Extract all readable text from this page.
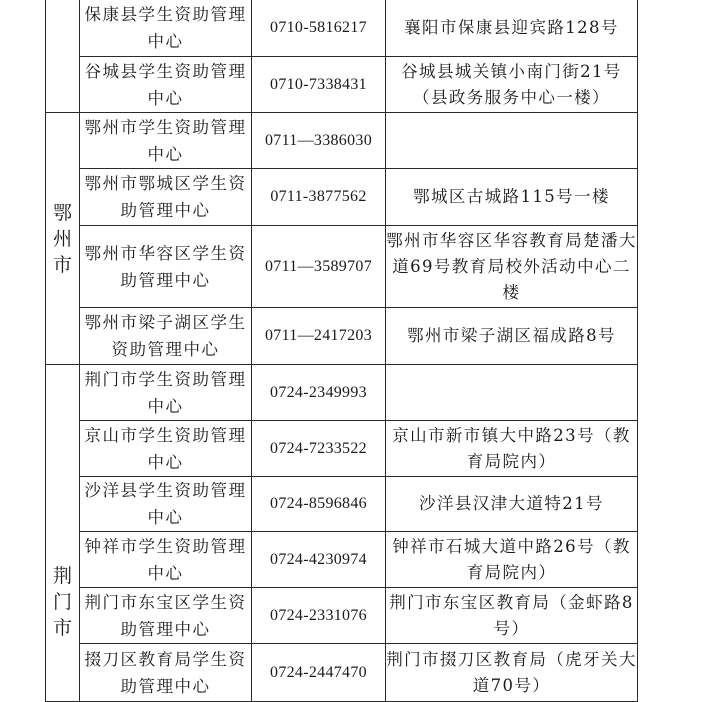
	保康县学生资助管理中心	0710-5816217	襄阳市保康县迎宾路128号
	谷城县学生资助管理中心	0710-7338431	谷城县城关镇小南门街21号（县政务服务中心一楼）

鄂州市	鄂州市学生资助管理中心	0711—3386030	
	鄂州市鄂城区学生资助管理中心	0711-3877562	鄂城区古城路115号一楼
	鄂州市华容区学生资助管理中心	0711—3589707	鄂州市华容区华容教育局楚潘大道69号教育局校外活动中心二楼
	鄂州市梁子湖区学生资助管理中心	0711—2417203	鄂州市梁子湖区福成路8号

荆门市	荆门市学生资助管理中心	0724-2349993	
	京山市学生资助管理中心	0724-7233522	京山市新市镇大中路23号（教育局院内）
	沙洋县学生资助管理中心	0724-8596846	沙洋县汉津大道特21号
	钟祥市学生资助管理中心	0724-4230974	钟祥市石城大道中路26号（教育局院内）
	荆门市东宝区学生资助管理中心	0724-2331076	荆门市东宝区教育局（金虾路8号）
	掇刀区教育局学生资助管理中心	0724-2447470	荆门市掇刀区教育局（虎牙关大道70号）
